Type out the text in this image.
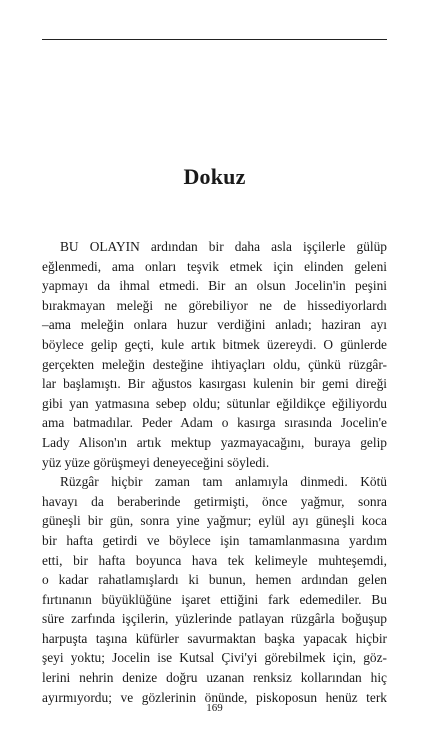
Dokuz
BU OLAYIN ardından bir daha asla işçilerle gülüp
eğlenmedi, ama onları teşvik etmek için elinden geleni
yapmayı da ihmal etmedi. Bir an olsun Jocelin'in peşini
bırakmayan meleği ne görebiliyor ne de hissediyorlardı
–ama meleğin onlara huzur verdiğini anladı; haziran ayı
böylece gelip geçti, kule artık bitmek üzereydi. O günlerde
gerçekten meleğin desteğine ihtiyaçları oldu, çünkü rüzgâr-
lar başlamıştı. Bir ağustos kasırgası kulenin bir gemi direği
gibi yan yatmasına sebep oldu; sütunlar eğildikçe eğiliyordu
ama batmadılar. Peder Adam o kasırga sırasında Jocelin'e
Lady Alison'ın artık mektup yazmayacağını, buraya gelip
yüz yüze görüşmeyi deneyeceğini söyledi.
Rüzgâr hiçbir zaman tam anlamıyla dinmedi. Kötü
havayı da beraberinde getirmişti, önce yağmur, sonra
güneşli bir gün, sonra yine yağmur; eylül ayı güneşli koca
bir hafta getirdi ve böylece işin tamamlanmasına yardım
etti, bir hafta boyunca hava tek kelimeyle muhteşemdi,
o kadar rahatlamışlardı ki bunun, hemen ardından gelen
fırtınanın büyüklüğüne işaret ettiğini fark edemediler. Bu
süre zarfında işçilerin, yüzlerinde patlayan rüzgârla boğuşup
harpuşta taşına küfürler savurmaktan başka yapacak hiçbir
şeyi yoktu; Jocelin ise Kutsal Çivi'yi görebilmek için, göz-
lerini nehrin denize doğru uzanan renksiz kollarından hiç
ayırmıyordu; ve gözlerinin önünde, piskoposun henüz terk
169
